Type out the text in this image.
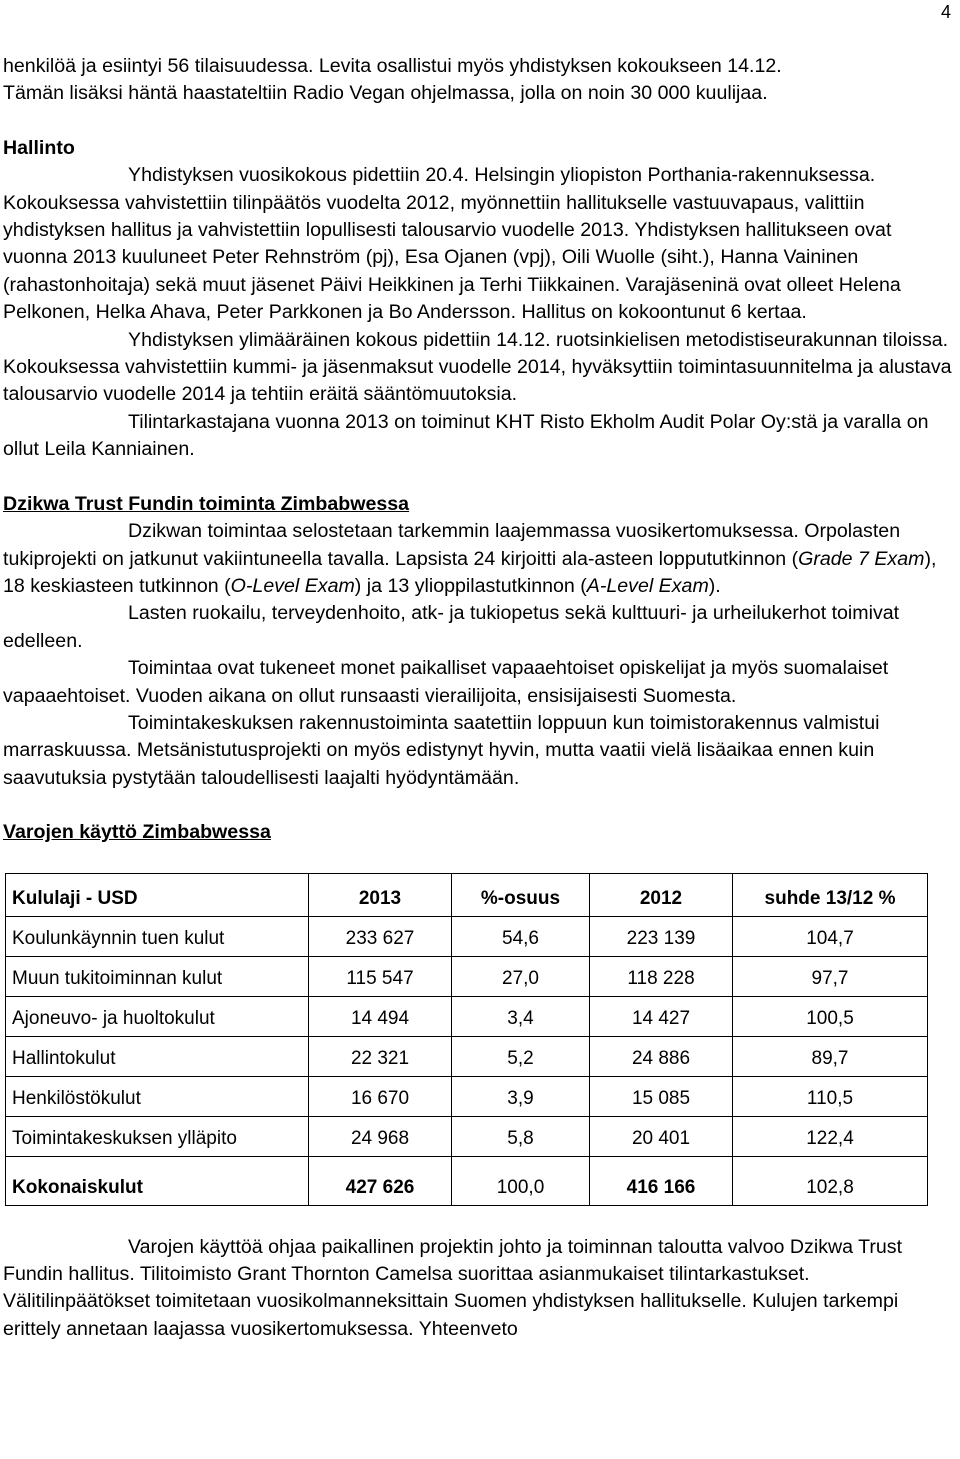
4

henkilöä ja esiintyi 56 tilaisuudessa. Levita osallistui myös yhdistyksen kokoukseen 14.12.

Tämän lisäksi häntä haastateltiin Radio Vegan ohjelmassa, jolla on noin 30 000 kuulijaa.

Hallinto

Yhdistyksen vuosikokous pidettiin 20.4. Helsingin yliopiston Porthania-rakennuksessa. Kokouksessa vahvistettiin tilinpäätös vuodelta 2012, myönnettiin hallitukselle vastuuvapaus, valittiin yhdistyksen hallitus ja vahvistettiin lopullisesti talousarvio vuodelle 2013. Yhdistyksen hallitukseen ovat vuonna 2013 kuuluneet Peter Rehnström (pj), Esa Ojanen (vpj), Oili Wuolle (siht.), Hanna Vaininen (rahastonhoitaja) sekä muut jäsenet Päivi Heikkinen ja Terhi Tiikkainen. Varajäseninä ovat olleet Helena Pelkonen, Helka Ahava, Peter Parkkonen ja Bo Andersson. Hallitus on kokoontunut 6 kertaa.

Yhdistyksen ylimääräinen kokous pidettiin 14.12. ruotsinkielisen metodistiseurakunnan tiloissa. Kokouksessa vahvistettiin kummi- ja jäsenmaksut vuodelle 2014, hyväksyttiin toimintasuunnitelma ja alustava talousarvio vuodelle 2014 ja tehtiin eräitä sääntömuutoksia.

Tilintarkastajana vuonna 2013 on toiminut KHT Risto Ekholm Audit Polar Oy:stä ja varalla on ollut Leila Kanniainen.

Dzikwa Trust Fundin toiminta Zimbabwessa

Dzikwan toimintaa selostetaan tarkemmin laajemmassa vuosikertomuksessa. Orpolasten tukiprojekti on jatkunut vakiintuneella tavalla. Lapsista 24 kirjoitti ala-asteen loppututkinnon (Grade 7 Exam), 18 keskiasteen tutkinnon (O-Level Exam) ja 13 ylioppilastutkinnon (A-Level Exam).

Lasten ruokailu, terveydenhoito, atk- ja tukiopetus sekä kulttuuri- ja urheilukerhot toimivat edelleen.

Toimintaa ovat tukeneet monet paikalliset vapaaehtoiset opiskelijat ja myös suomalaiset vapaaehtoiset. Vuoden aikana on ollut runsaasti vierailijoita, ensisijaisesti Suomesta.

Toimintakeskuksen rakennustoiminta saatettiin loppuun kun toimistorakennus valmistui marraskuussa. Metsänistutusprojekti on myös edistynyt hyvin, mutta vaatii vielä lisäaikaa ennen kuin saavutuksia pystytään taloudellisesti laajalti hyödyntämään.

Varojen käyttö Zimbabwessa

Kululaji - USD	2013	%-osuus	2012	suhde 13/12 %
Koulunkäynnin tuen kulut	233 627	54,6	223 139	104,7
Muun tukitoiminnan kulut	115 547	27,0	118 228	97,7
Ajoneuvo- ja huoltokulut	14 494	3,4	14 427	100,5
Hallintokulut	22 321	5,2	24 886	89,7
Henkilöstökulut	16 670	3,9	15 085	110,5
Toimintakeskuksen ylläpito	24 968	5,8	20 401	122,4
Kokonaiskulut	427 626	100,0	416 166	102,8

Varojen käyttöä ohjaa paikallinen projektin johto ja toiminnan taloutta valvoo Dzikwa Trust Fundin hallitus. Tilitoimisto Grant Thornton Camelsa suorittaa asianmukaiset tilintarkastukset. Välitilinpäätökset toimitetaan vuosikolmanneksittain Suomen yhdistyksen hallitukselle. Kulujen tarkempi erittely annetaan laajassa vuosikertomuksessa. Yhteenveto
